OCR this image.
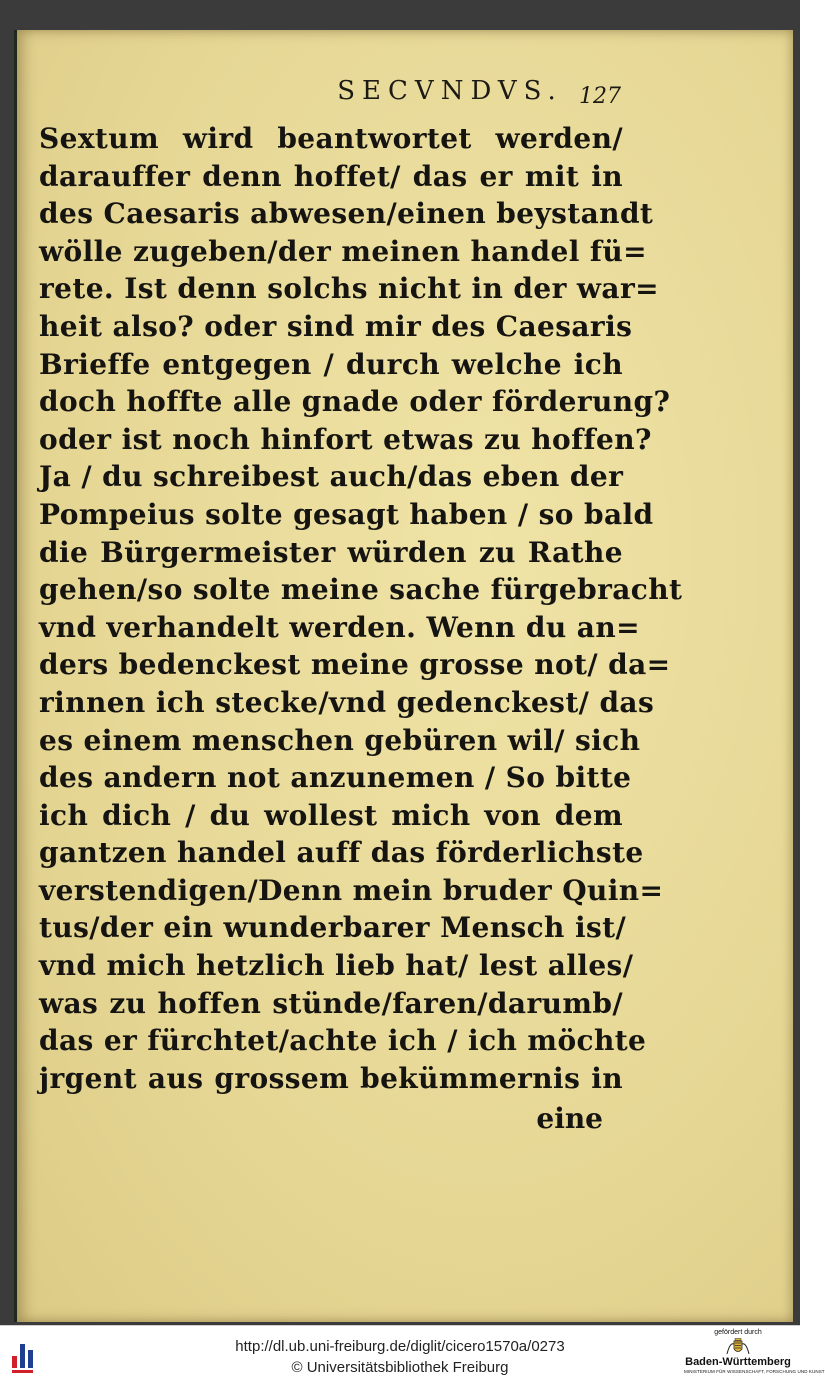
SECVNDVS. 127
Sextum wird beantwortet werden/
darauffer denn hoffet/ das er mit in
des Caesaris abwesen/einen beystandt
wölle zugeben/der meinen handel fü=
rete. Ist denn solchs nicht in der war=
heit also? oder sind mir des Caesaris
Brieffe entgegen / durch welche ich
doch hoffte alle gnade oder förderung?
oder ist noch hinfort etwas zu hoffen?
Ja / du schreibest auch/das eben der
Pompeius solte gesagt haben / so bald
die Bürgermeister würden zu Rathe
gehen/so solte meine sache fürgebracht
vnd verhandelt werden. Wenn du an=
ders bedenckest meine grosse not/ da=
rinnen ich stecke/vnd gedenckest/ das
es einem menschen gebüren wil/ sich
des andern not anzunemen / So bitte
ich dich / du wollest mich von dem
gantzen handel auff das förderlichste
verstendigen/Denn mein bruder Quin=
tus/der ein wunderbarer Mensch ist/
vnd mich hetzlich lieb hat/ lest alles/
was zu hoffen stünde/faren/darumb/
das er fürchtet/achte ich / ich möchte
jrgent aus grossem bekümmernis in
eine
http://dl.ub.uni-freiburg.de/diglit/cicero1570a/0273
© Universitätsbibliothek Freiburg
gefördert durch
Baden-Württemberg
MINISTERIUM FÜR WISSENSCHAFT, FORSCHUNG UND KUNST
